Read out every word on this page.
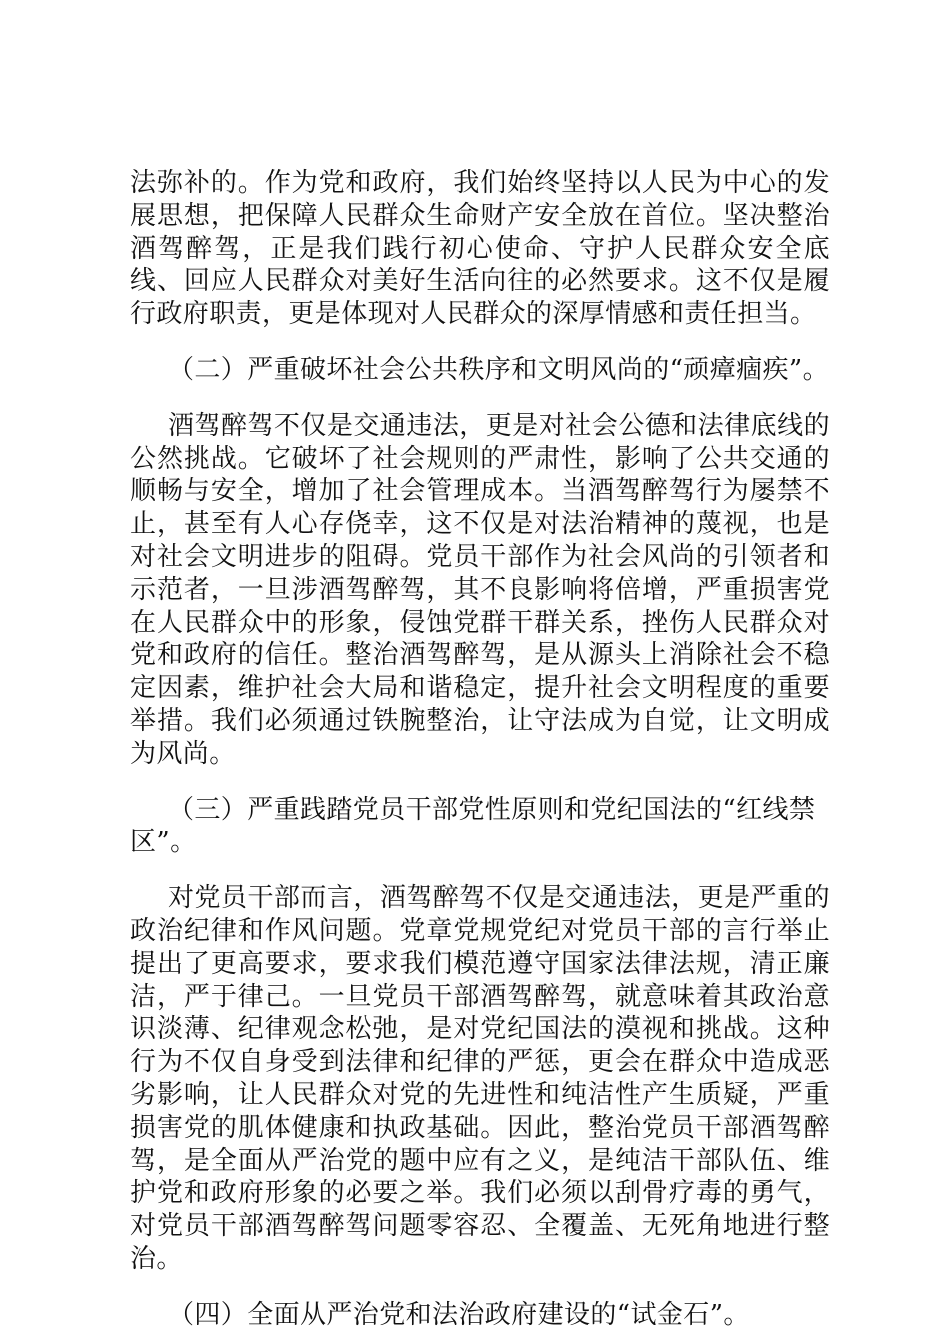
法弥补的。作为党和政府，我们始终坚持以人民为中心的发展思想，把保障人民群众生命财产安全放在首位。坚决整治酒驾醉驾，正是我们践行初心使命、守护人民群众安全底线、回应人民群众对美好生活向往的必然要求。这不仅是履行政府职责，更是体现对人民群众的深厚情感和责任担当。

（二）严重破坏社会公共秩序和文明风尚的“顽瘴痼疾”。

酒驾醉驾不仅是交通违法，更是对社会公德和法律底线的公然挑战。它破坏了社会规则的严肃性，影响了公共交通的顺畅与安全，增加了社会管理成本。当酒驾醉驾行为屡禁不止，甚至有人心存侥幸，这不仅是对法治精神的蔑视，也是对社会文明进步的阻碍。党员干部作为社会风尚的引领者和示范者，一旦涉酒驾醉驾，其不良影响将倍增，严重损害党在人民群众中的形象，侵蚀党群干群关系，挫伤人民群众对党和政府的信任。整治酒驾醉驾，是从源头上消除社会不稳定因素，维护社会大局和谐稳定，提升社会文明程度的重要举措。我们必须通过铁腕整治，让守法成为自觉，让文明成为风尚。

（三）严重践踏党员干部党性原则和党纪国法的“红线禁区”。

对党员干部而言，酒驾醉驾不仅是交通违法，更是严重的政治纪律和作风问题。党章党规党纪对党员干部的言行举止提出了更高要求，要求我们模范遵守国家法律法规，清正廉洁，严于律己。一旦党员干部酒驾醉驾，就意味着其政治意识淡薄、纪律观念松弛，是对党纪国法的漠视和挑战。这种行为不仅自身受到法律和纪律的严惩，更会在群众中造成恶劣影响，让人民群众对党的先进性和纯洁性产生质疑，严重损害党的肌体健康和执政基础。因此，整治党员干部酒驾醉驾，是全面从严治党的题中应有之义，是纯洁干部队伍、维护党和政府形象的必要之举。我们必须以刮骨疗毒的勇气，对党员干部酒驾醉驾问题零容忍、全覆盖、无死角地进行整治。

（四）全面从严治党和法治政府建设的“试金石”。
